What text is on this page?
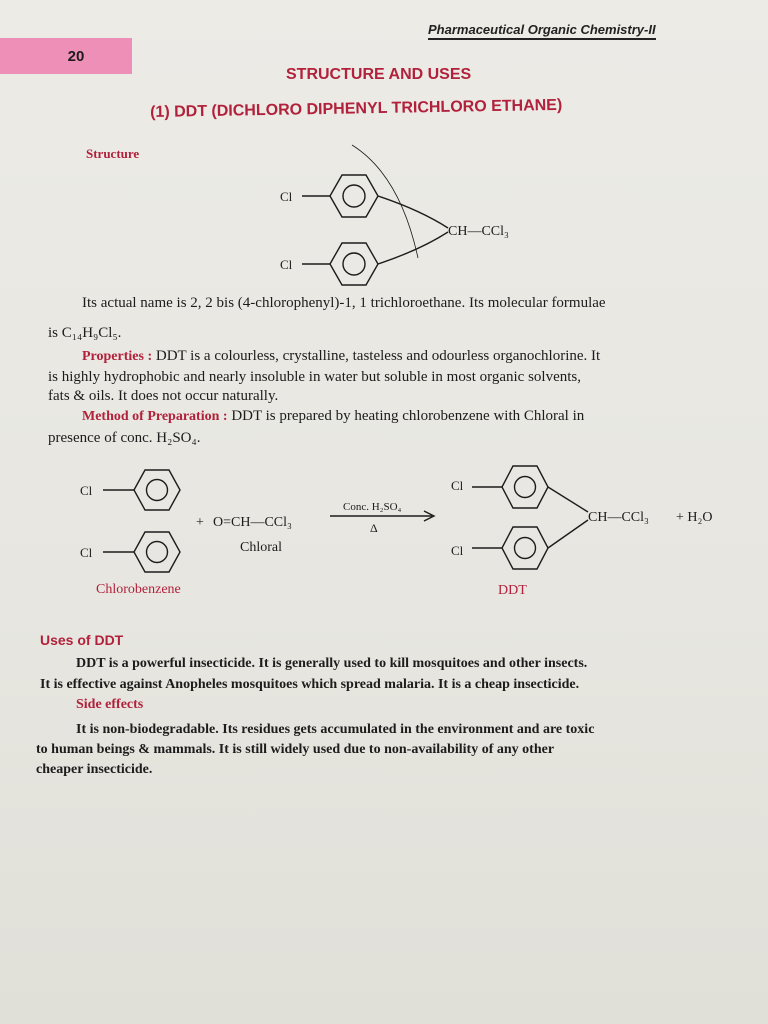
20
Pharmaceutical Organic Chemistry-II
STRUCTURE AND USES
(1) DDT (DICHLORO DIPHENYL TRICHLORO ETHANE)
Structure
Cl
Cl
CH—CCl₃
Its actual name is 2, 2 bis (4-chlorophenyl)-1, 1 trichloroethane. Its molecular formulae
is C₁₄H₉Cl₅.
Properties : DDT is a colourless, crystalline, tasteless and odourless organochlorine. It
is highly hydrophobic and nearly insoluble in water but soluble in most organic solvents,
fats & oils. It does not occur naturally.
Method of Preparation : DDT is prepared by heating chlorobenzene with Chloral in
presence of conc. H₂SO₄.
Cl
Cl
+ O=CH—CCl₃
Conc. H₂SO₄
Δ
Cl
Cl
CH—CCl₃ + H₂O
Chloral
Chlorobenzene	DDT
Uses of DDT
DDT is a powerful insecticide. It is generally used to kill mosquitoes and other insects.
It is effective against Anopheles mosquitoes which spread malaria. It is a cheap insecticide.
Side effects
It is non-biodegradable. Its residues gets accumulated in the environment and are toxic
to human beings & mammals. It is still widely used due to non-availability of any other
cheaper insecticide.
